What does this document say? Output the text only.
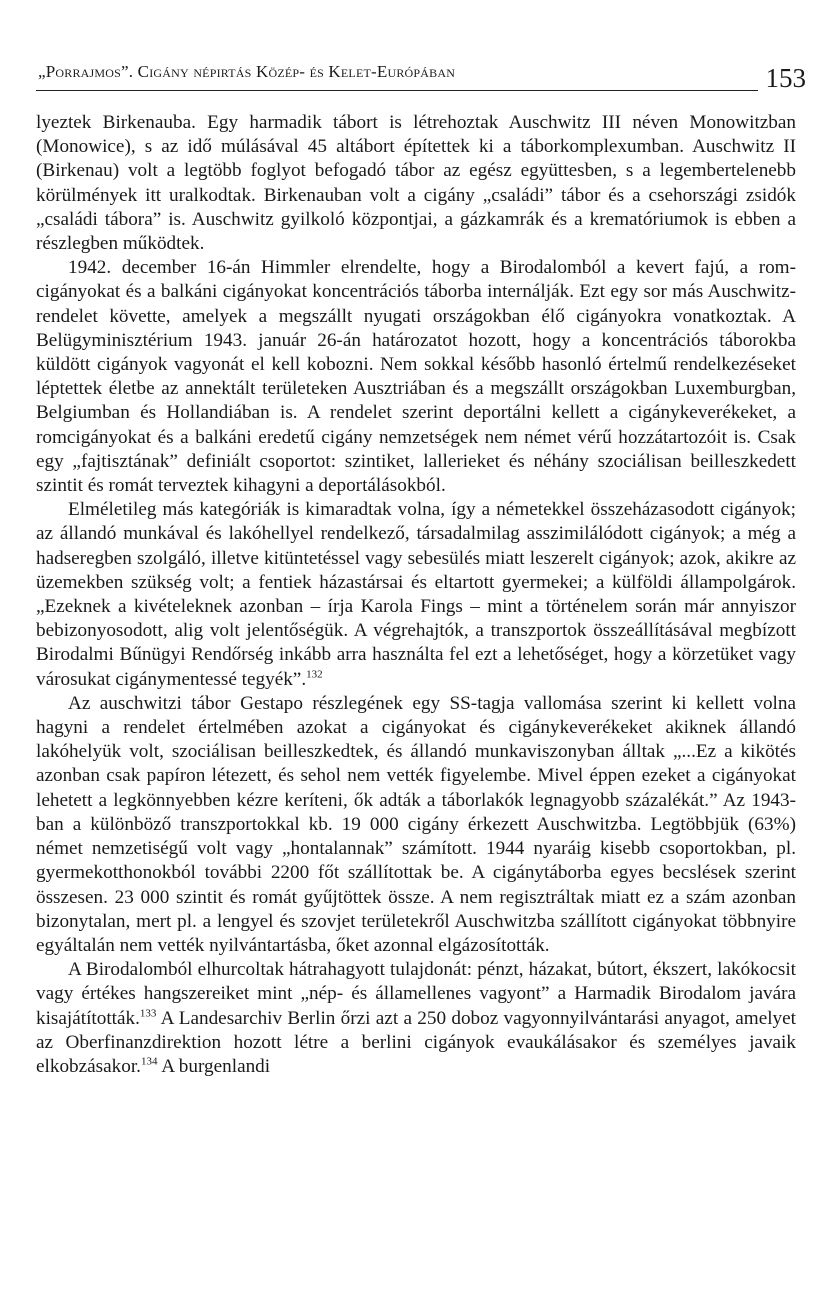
„Porrajmos”. Cigány népirtás Közép- és Kelet-Európában	153

lyeztek Birkenauba. Egy harmadik tábort is létrehoztak Auschwitz III néven Monowitzban (Monowice), s az idő múlásával 45 altábort építettek ki a táborkomplexumban. Auschwitz II (Birkenau) volt a legtöbb foglyot befogadó tábor az egész együttesben, s a legembertelenebb körülmények itt uralkodtak. Birkenauban volt a cigány „családi” tábor és a csehországi zsidók „családi tábora” is. Auschwitz gyilkoló központjai, a gázkamrák és a krematóriumok is ebben a részlegben működtek.

1942. december 16-án Himmler elrendelte, hogy a Birodalomból a kevert fajú, a rom-cigányokat és a balkáni cigányokat koncentrációs táborba internálják. Ezt egy sor más Auschwitz-rendelet követte, amelyek a megszállt nyugati országokban élő cigányokra vonatkoztak. A Belügyminisztérium 1943. január 26-án határozatot hozott, hogy a koncentrációs táborokba küldött cigányok vagyonát el kell kobozni. Nem sokkal később hasonló értelmű rendelkezéseket léptettek életbe az annektált területeken Ausztriában és a megszállt országokban Luxemburgban, Belgiumban és Hollandiában is. A rendelet szerint deportálni kellett a cigánykeverékeket, a romcigányokat és a balkáni eredetű cigány nemzetségek nem német vérű hozzátartozóit is. Csak egy „fajtisztának” definiált csoportot: szintiket, lallerieket és néhány szociálisan beilleszkedett szintit és romát terveztek kihagyni a deportálásokból.

Elméletileg más kategóriák is kimaradtak volna, így a németekkel összeházasodott cigányok; az állandó munkával és lakóhellyel rendelkező, társadalmilag asszimilálódott cigányok; a még a hadseregben szolgáló, illetve kitüntetéssel vagy sebesülés miatt leszerelt cigányok; azok, akikre az üzemekben szükség volt; a fentiek házastársai és eltartott gyermekei; a külföldi állampolgárok. „Ezeknek a kivételeknek azonban – írja Karola Fings – mint a történelem során már annyiszor bebizonyosodott, alig volt jelentőségük. A végrehajtók, a transzportok összeállításával megbízott Birodalmi Bűnügyi Rendőrség inkább arra használta fel ezt a lehetőséget, hogy a körzetüket vagy városukat cigánymentessé tegyék”.$^{132}$

Az auschwitzi tábor Gestapo részlegének egy SS-tagja vallomása szerint ki kellett volna hagyni a rendelet értelmében azokat a cigányokat és cigánykeverékeket akiknek állandó lakóhelyük volt, szociálisan beilleszkedtek, és állandó munkaviszonyban álltak „...Ez a kikötés azonban csak papíron létezett, és sehol nem vették figyelembe. Mivel éppen ezeket a cigányokat lehetett a legkönnyebben kézre keríteni, ők adták a táborlakók legnagyobb százalékát.” Az 1943-ban a különböző transzportokkal kb. 19 000 cigány érkezett Auschwitzba. Legtöbbjük (63%) német nemzetiségű volt vagy „hontalannak” számított. 1944 nyaráig kisebb csoportokban, pl. gyermekotthonokból további 2200 főt szállítottak be. A cigánytáborba egyes becslések szerint összesen. 23 000 szintit és romát gyűjtöttek össze. A nem regisztráltak miatt ez a szám azonban bizonytalan, mert pl. a lengyel és szovjet területekről Auschwitzba szállított cigányokat többnyire egyáltalán nem vették nyilvántartásba, őket azonnal elgázosították.

A Birodalomból elhurcoltak hátrahagyott tulajdonát: pénzt, házakat, bútort, ékszert, lakókocsit vagy értékes hangszereiket mint „nép- és államellenes vagyont” a Harmadik Birodalom javára kisajátították.$^{133}$ A Landesarchiv Berlin őrzi azt a 250 doboz vagyonnyilvántarási anyagot, amelyet az Oberfinanzdirektion hozott létre a berlini cigányok evaukálásakor és személyes javaik elkobzásakor.$^{134}$ A burgenlandi
